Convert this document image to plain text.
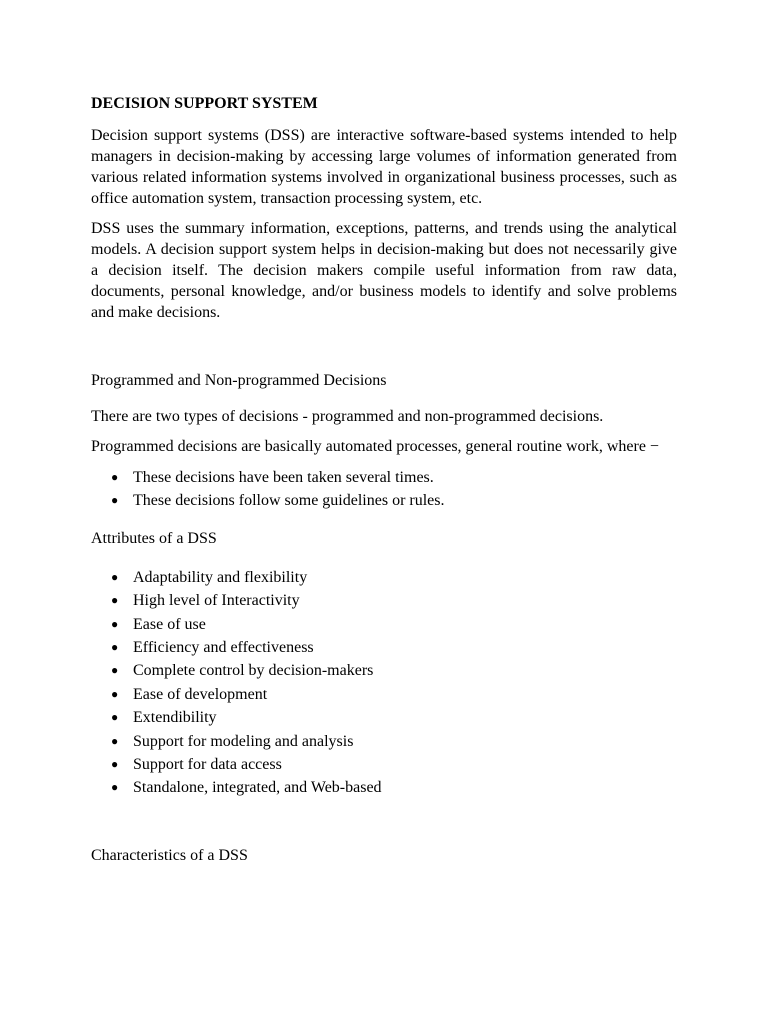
DECISION SUPPORT SYSTEM

Decision support systems (DSS) are interactive software-based systems intended to help managers in decision-making by accessing large volumes of information generated from various related information systems involved in organizational business processes, such as office automation system, transaction processing system, etc.

DSS uses the summary information, exceptions, patterns, and trends using the analytical models. A decision support system helps in decision-making but does not necessarily give a decision itself. The decision makers compile useful information from raw data, documents, personal knowledge, and/or business models to identify and solve problems and make decisions.

Programmed and Non-programmed Decisions

There are two types of decisions - programmed and non-programmed decisions.

Programmed decisions are basically automated processes, general routine work, where −

● These decisions have been taken several times.
● These decisions follow some guidelines or rules.
Attributes of a DSS
● Adaptability and flexibility
● High level of Interactivity
● Ease of use
● Efficiency and effectiveness
● Complete control by decision-makers
● Ease of development
● Extendibility
● Support for modeling and analysis
● Support for data access
● Standalone, integrated, and Web-based
Characteristics of a DSS
